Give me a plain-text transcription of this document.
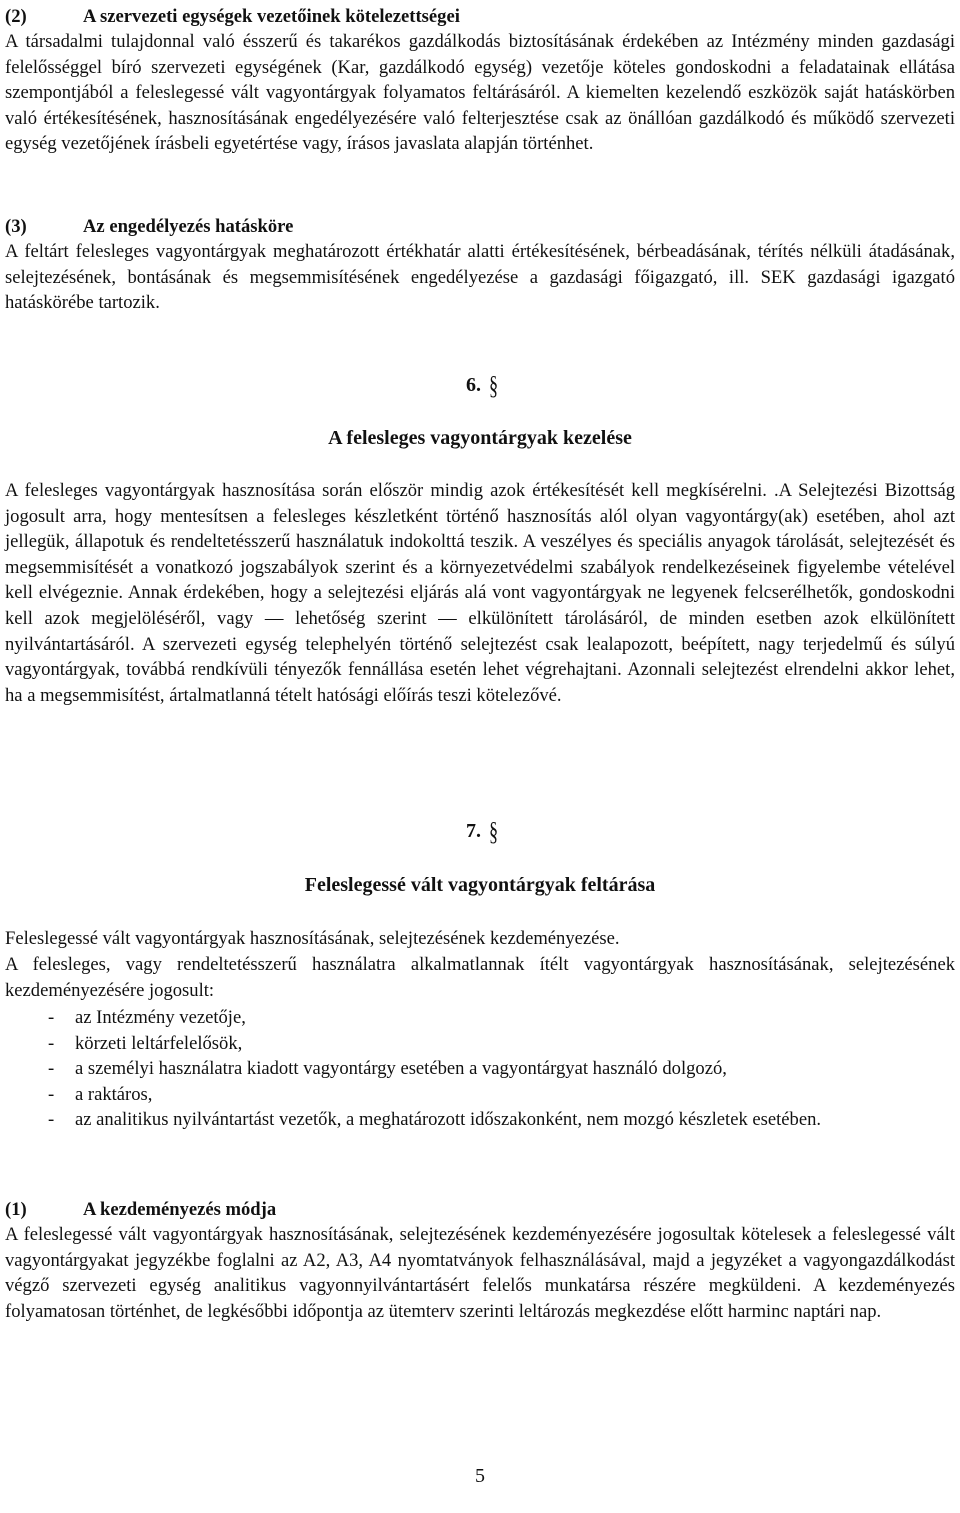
(2)	A szervezeti egységek vezetőinek kötelezettségei

A társadalmi tulajdonnal való ésszerű és takarékos gazdálkodás biztosításának érdekében az Intézmény minden gazdasági felelősséggel bíró szervezeti egységének (Kar, gazdálkodó egység) vezetője köteles gondoskodni a feladatainak ellátása szempontjából a feleslegessé vált vagyontárgyak folyamatos feltárásáról. A kiemelten kezelendő eszközök saját hatáskörben való értékesítésének, hasznosításának engedélyezésére való felterjesztése csak az önállóan gazdálkodó és működő szervezeti egység vezetőjének írásbeli egyetértése vagy, írásos javaslata alapján történhet.

(3)	Az engedélyezés hatásköre

A feltárt felesleges vagyontárgyak meghatározott értékhatár alatti értékesítésének, bérbeadásának, térítés nélküli átadásának, selejtezésének, bontásának és megsemmisítésének engedélyezése a gazdasági főigazgató, ill. SEK gazdasági igazgató hatáskörébe tartozik.

6. §
A felesleges vagyontárgyak kezelése

A felesleges vagyontárgyak hasznosítása során először mindig azok értékesítését kell megkísérelni. .A Selejtezési Bizottság jogosult arra, hogy mentesítsen a felesleges készletként történő hasznosítás alól olyan vagyontárgy(ak) esetében, ahol azt jellegük, állapotuk és rendeltetésszerű használatuk indokolttá teszik. A veszélyes és speciális anyagok tárolását, selejtezését és megsemmisítését a vonatkozó jogszabályok szerint és a környezetvédelmi szabályok rendelkezéseinek figyelembe vételével kell elvégeznie. Annak érdekében, hogy a selejtezési eljárás alá vont vagyontárgyak ne legyenek felcserélhetők, gondoskodni kell azok megjelöléséről, vagy — lehetőség szerint — elkülönített tárolásáról, de minden esetben azok elkülönített nyilvántartásáról. A szervezeti egység telephelyén történő selejtezést csak lealapozott, beépített, nagy terjedelmű és súlyú vagyontárgyak, továbbá rendkívüli tényezők fennállása esetén lehet végrehajtani. Azonnali selejtezést elrendelni akkor lehet, ha a megsemmisítést, ártalmatlanná tételt hatósági előírás teszi kötelezővé.

7. §
Feleslegessé vált vagyontárgyak feltárása

Feleslegessé vált vagyontárgyak hasznosításának, selejtezésének kezdeményezése.

A felesleges, vagy rendeltetésszerű használatra alkalmatlannak ítélt vagyontárgyak hasznosításának, selejtezésének kezdeményezésére jogosult:

- az Intézmény vezetője,
- körzeti leltárfelelősök,
- a személyi használatra kiadott vagyontárgy esetében a vagyontárgyat használó dolgozó,
- a raktáros,
- az analitikus nyilvántartást vezetők, a meghatározott időszakonként, nem mozgó készletek esetében.
(1)	A kezdeményezés módja

A feleslegessé vált vagyontárgyak hasznosításának, selejtezésének kezdeményezésére jogosultak kötelesek a feleslegessé vált vagyontárgyakat jegyzékbe foglalni az A2, A3, A4 nyomtatványok felhasználásával, majd a jegyzéket a vagyongazdálkodást végző szervezeti egység analitikus vagyonnyilvántartásért felelős munkatársa részére megküldeni. A kezdeményezés folyamatosan történhet, de legkésőbbi időpontja az ütemterv szerinti leltározás megkezdése előtt harminc naptári nap.

5
